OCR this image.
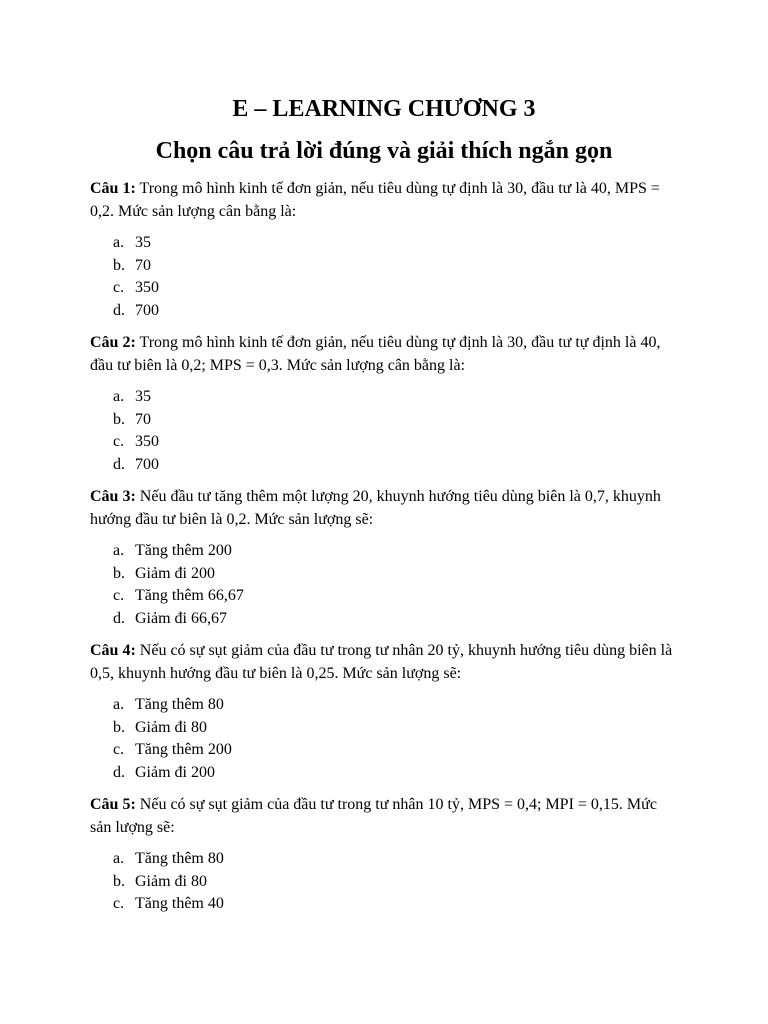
E – LEARNING CHƯƠNG 3
Chọn câu trả lời đúng và giải thích ngắn gọn

Câu 1: Trong mô hình kinh tế đơn giản, nếu tiêu dùng tự định là 30, đầu tư là 40, MPS = 0,2. Mức sản lượng cân bằng là:

a. 35
b. 70
c. 350
d. 700

Câu 2: Trong mô hình kinh tế đơn giản, nếu tiêu dùng tự định là 30, đầu tư tự định là 40, đầu tư biên là 0,2; MPS = 0,3. Mức sản lượng cân bằng là:

a. 35
b. 70
c. 350
d. 700

Câu 3: Nếu đầu tư tăng thêm một lượng 20, khuynh hướng tiêu dùng biên là 0,7, khuynh hướng đầu tư biên là 0,2. Mức sản lượng sẽ:

a. Tăng thêm 200
b. Giảm đi 200
c. Tăng thêm 66,67
d. Giảm đi 66,67

Câu 4: Nếu có sự sụt giảm của đầu tư trong tư nhân 20 tỷ, khuynh hướng tiêu dùng biên là 0,5, khuynh hướng đầu tư biên là 0,25. Mức sản lượng sẽ:

a. Tăng thêm 80
b. Giảm đi 80
c. Tăng thêm 200
d. Giảm đi 200

Câu 5: Nếu có sự sụt giảm của đầu tư trong tư nhân 10 tỷ, MPS = 0,4; MPI = 0,15. Mức sản lượng sẽ:

a. Tăng thêm 80
b. Giảm đi 80
c. Tăng thêm 40
